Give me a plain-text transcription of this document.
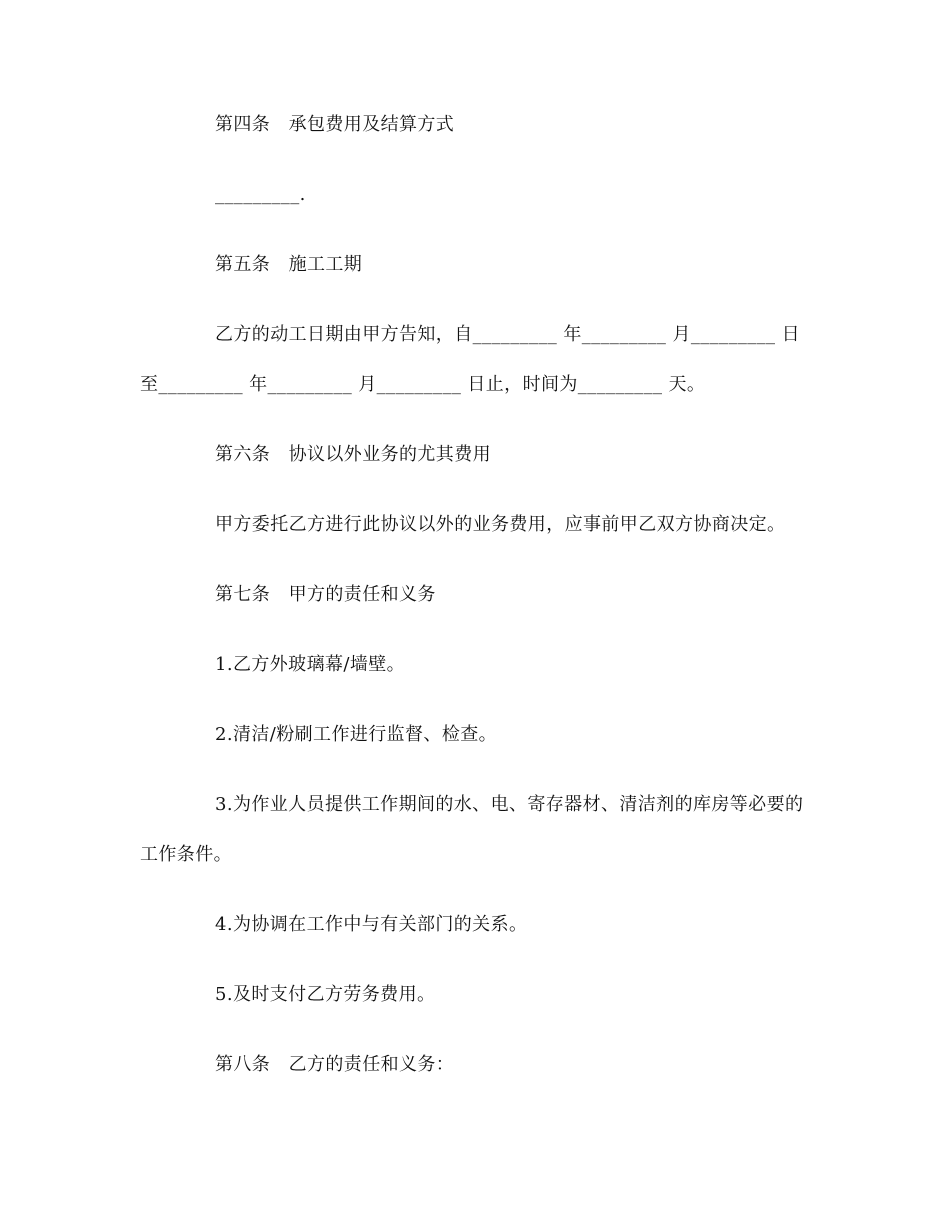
第四条　承包费用及结算方式
_________.
第五条　施工工期
乙方的动工日期由甲方告知，自_________ 年_________ 月_________ 日
至_________ 年_________ 月_________ 日止，时间为_________ 天。
第六条　协议以外业务的尤其费用
甲方委托乙方进行此协议以外的业务费用，应事前甲乙双方协商决定。
第七条　甲方的责任和义务
1.乙方外玻璃幕/墙壁。
2.清洁/粉刷工作进行监督、检查。
3.为作业人员提供工作期间的水、电、寄存器材、清洁剂的库房等必要的
工作条件。
4.为协调在工作中与有关部门的关系。
5.及时支付乙方劳务费用。
第八条　乙方的责任和义务：
